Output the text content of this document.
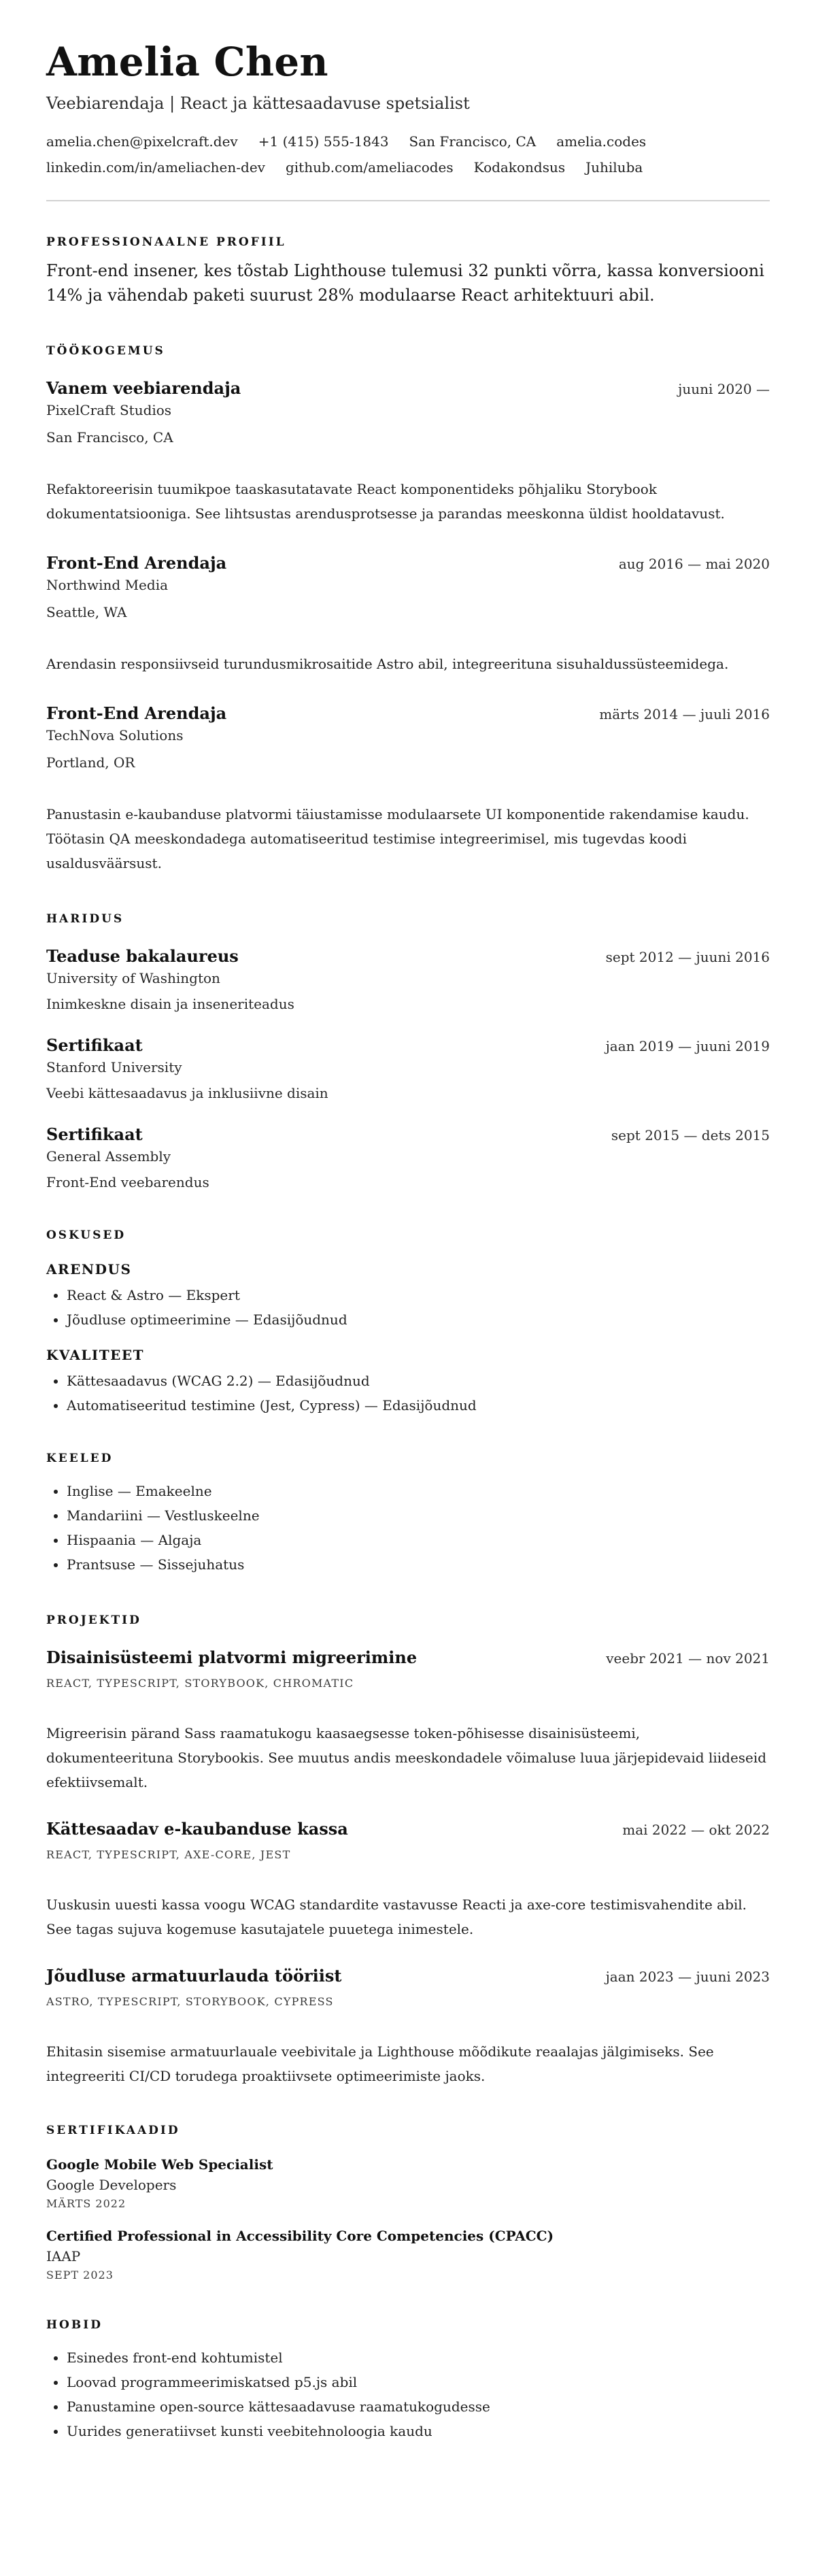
Amelia Chen
Veebiarendaja | React ja kättesaadavuse spetsialist
amelia.chen@pixelcraft.dev +1 (415) 555-1843 San Francisco, CA amelia.codes
linkedin.com/in/ameliachen-dev github.com/ameliacodes Kodakondsus Juhiluba
PROFESSIONAALNE PROFIIL

Front-end insener, kes tõstab Lighthouse tulemusi 32 punkti võrra, kassa konversiooni 14% ja vähendab paketi suurust 28% modulaarse React arhitektuuri abil.

TÖÖKOGEMUS
Vanem veebiarendaja	juuni 2020 —
PixelCraft Studios
San Francisco, CA

Refaktoreerisin tuumikpoe taaskasutatavate React komponentideks põhjaliku Storybook dokumentatsiooniga. See lihtsustas arendusprotsesse ja parandas meeskonna üldist hooldatavust.

Front-End Arendaja	aug 2016 — mai 2020
Northwind Media
Seattle, WA

Arendasin responsiivseid turundusmikrosaitide Astro abil, integreerituna sisuhaldussüsteemidega.

Front-End Arendaja	märts 2014 — juuli 2016
TechNova Solutions
Portland, OR

Panustasin e-kaubanduse platvormi täiustamisse modulaarsete UI komponentide rakendamise kaudu. Töötasin QA meeskondadega automatiseeritud testimise integreerimisel, mis tugevdas koodi usaldusväärsust.

HARIDUS
Teaduse bakalaureus	sept 2012 — juuni 2016
University of Washington
Inimkeskne disain ja inseneriteadus
Sertifikaat	jaan 2019 — juuni 2019
Stanford University
Veebi kättesaadavus ja inklusiivne disain
Sertifikaat	sept 2015 — dets 2015
General Assembly
Front-End veebarendus
OSKUSED
ARENDUS
• React & Astro — Ekspert
• Jõudluse optimeerimine — Edasijõudnud
KVALITEET
• Kättesaadavus (WCAG 2.2) — Edasijõudnud
• Automatiseeritud testimine (Jest, Cypress) — Edasijõudnud
KEELED
• Inglise — Emakeelne
• Mandariini — Vestluskeelne
• Hispaania — Algaja
• Prantsuse — Sissejuhatus
PROJEKTID
Disainisüsteemi platvormi migreerimine	veebr 2021 — nov 2021
REACT, TYPESCRIPT, STORYBOOK, CHROMATIC

Migreerisin pärand Sass raamatukogu kaasaegsesse token-põhisesse disainisüsteemi, dokumenteerituna Storybookis. See muutus andis meeskondadele võimaluse luua järjepidevaid liideseid efektiivsemalt.

Kättesaadav e-kaubanduse kassa	mai 2022 — okt 2022
REACT, TYPESCRIPT, AXE-CORE, JEST

Uuskusin uuesti kassa voogu WCAG standardite vastavusse Reacti ja axe-core testimisvahendite abil. See tagas sujuva kogemuse kasutajatele puuetega inimestele.

Jõudluse armatuurlauda tööriist	jaan 2023 — juuni 2023
ASTRO, TYPESCRIPT, STORYBOOK, CYPRESS

Ehitasin sisemise armatuurlauale veebivitale ja Lighthouse mõõdikute reaalajas jälgimiseks. See integreeriti CI/CD torudega proaktiivsete optimeerimiste jaoks.

SERTIFIKAADID
Google Mobile Web Specialist
Google Developers
MÄRTS 2022
Certified Professional in Accessibility Core Competencies (CPACC)
IAAP
SEPT 2023
HOBID
• Esinedes front-end kohtumistel
• Loovad programmeerimiskatsed p5.js abil
• Panustamine open-source kättesaadavuse raamatukogudesse
• Uurides generatiivset kunsti veebitehnoloogia kaudu
